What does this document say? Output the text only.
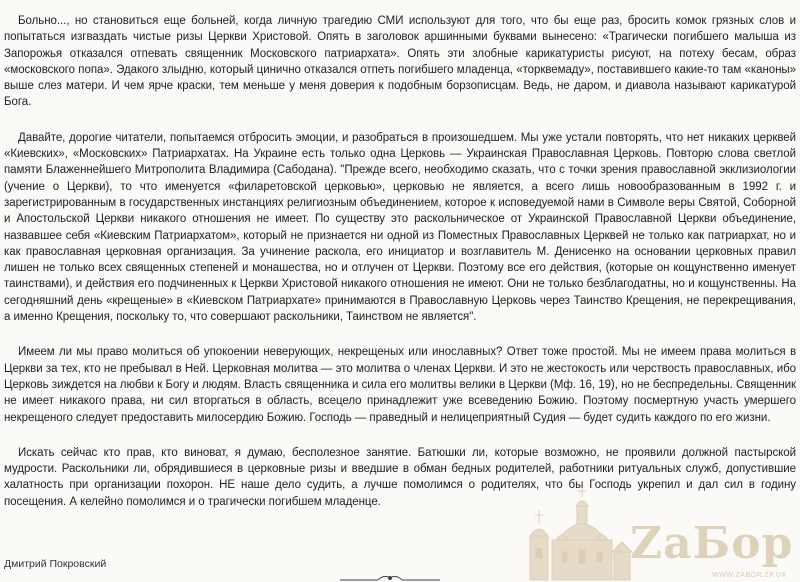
Больно..., но становиться еще больней, когда личную трагедию СМИ используют для того, что бы еще раз, бросить комок грязных слов и попытаться изгваздать чистые ризы Церкви Христовой. Опять в заголовок аршинными буквами вынесено: «Трагически погибшего малыша из Запорожья отказался отпевать священник Московского патриархата». Опять эти злобные карикатуристы рисуют, на потеху бесам, образ «московского попа». Эдакого злыдню, который цинично отказался отпеть погибшего младенца, «торквемаду», поставившего какие-то там «каноны» выше слез матери. И чем ярче краски, тем меньше у меня доверия к подобным борзописцам. Ведь, не даром, и диавола называют карикатурой Бога.

Давайте, дорогие читатели, попытаемся отбросить эмоции, и разобраться в произошедшем. Мы уже устали повторять, что нет никаких церквей «Киевских», «Московских» Патриархатах. На Украине есть только одна Церковь — Украинская Православная Церковь. Повторю слова светлой памяти Блаженнейшего Митрополита Владимира (Сабодана). "Прежде всего, необходимо сказать, что с точки зрения православной экклизиологии (учение о Церкви), то что именуется «филаретовской церковью», церковью не является, а всего лишь новообразованным в 1992 г. и зарегистрированным в государственных инстанциях религиозным объединением, которое к исповедуемой нами в Символе веры Святой, Соборной и Апостольской Церкви никакого отношения не имеет. По существу это раскольническое от Украинской Православной Церкви объединение, назвавшее себя «Киевским Патриархатом», который не признается ни одной из Поместных Православных Церквей не только как патриархат, но и как православная церковная организация. За учинение раскола, его инициатор и возглавитель М. Денисенко на основании церковных правил лишен не только всех священных степеней и монашества, но и отлучен от Церкви. Поэтому все его действия, (которые он кощунственно именует таинствами), и действия его подчиненных к Церкви Христовой никакого отношения не имеют. Они не только безблагодатны, но и кощунственны. На сегодняшний день «крещеные» в «Киевском Патриархате» принимаются в Православную Церковь через Таинство Крещения, не перекрещивания, а именно Крещения, поскольку то, что совершают раскольники, Таинством не является".

Имеем ли мы право молиться об упокоении неверующих, некрещеных или инославных? Ответ тоже простой. Мы не имеем права молиться в Церкви за тех, кто не пребывал в Ней. Церковная молитва — это молитва о членах Церкви. И это не жестокость или черствость православных, ибо Церковь зиждется на любви к Богу и людям. Власть священника и сила его молитвы велики в Церкви (Мф. 16, 19), но не беспредельны. Священник не имеет никакого права, ни сил вторгаться в область, всецело принадлежит уже всеведению Божию. Поэтому посмертную участь умершего некрещеного следует предоставить милосердию Божию. Господь — праведный и нелицеприятный Судия — будет судить каждого по его жизни.

Искать сейчас кто прав, кто виноват, я думаю, бесполезное занятие. Батюшки ли, которые возможно, не проявили должной пастырской мудрости. Раскольники ли, обрядившиеся в церковные ризы и введшие в обман бедных родителей, работники ритуальных служб, допустившие халатность при организации похорон. НЕ наше дело судить, а лучше помолимся о родителях, что бы Господь укрепил и дал сил в годину посещения. А келейно помолимся и о трагически погибшем младенце.

ZaБор
WWW.ZABOR.ZP.UA
Дмитрий Покровский
